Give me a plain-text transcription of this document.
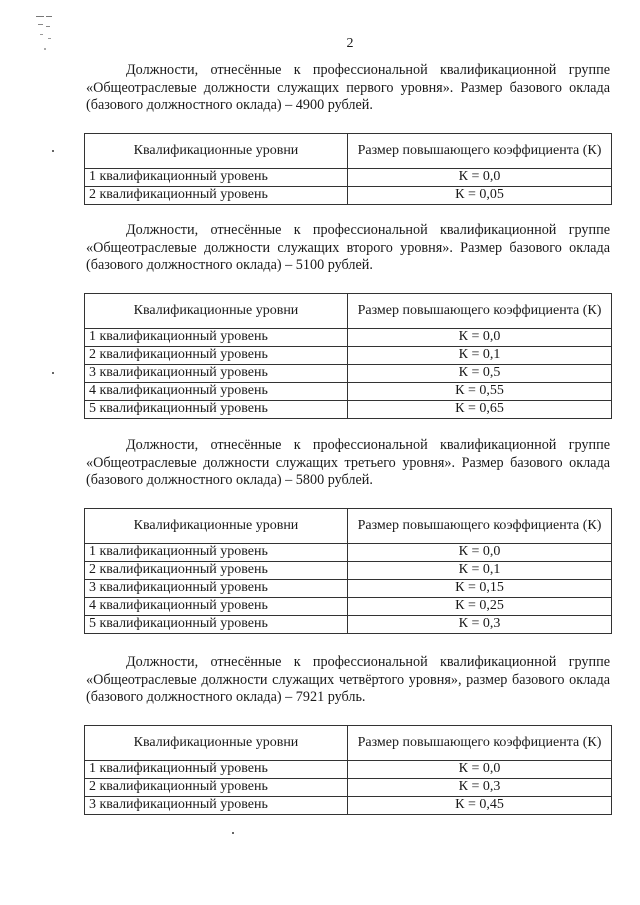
2

Должности, отнесённые к профессиональной квалификационной группе «Общеотраслевые должности служащих первого уровня». Размер базового оклада (базового должностного оклада) – 4900 рублей.

Квалификационные уровни	Размер повышающего коэффициента (К)
1 квалификационный уровень	К = 0,0
2 квалификационный уровень	К = 0,05

Должности, отнесённые к профессиональной квалификационной группе «Общеотраслевые должности служащих второго уровня». Размер базового оклада (базового должностного оклада) – 5100 рублей.

Квалификационные уровни	Размер повышающего коэффициента (К)
1 квалификационный уровень	К = 0,0
2 квалификационный уровень	К = 0,1
3 квалификационный уровень	К = 0,5
4 квалификационный уровень	К = 0,55
5 квалификационный уровень	К = 0,65

Должности, отнесённые к профессиональной квалификационной группе «Общеотраслевые должности служащих третьего уровня». Размер базового оклада (базового должностного оклада) – 5800 рублей.

Квалификационные уровни	Размер повышающего коэффициента (К)
1 квалификационный уровень	К = 0,0
2 квалификационный уровень	К = 0,1
3 квалификационный уровень	К = 0,15
4 квалификационный уровень	К = 0,25
5 квалификационный уровень	К = 0,3

Должности, отнесённые к профессиональной квалификационной группе «Общеотраслевые должности служащих четвёртого уровня», размер базового оклада (базового должностного оклада) – 7921 рубль.

Квалификационные уровни	Размер повышающего коэффициента (К)
1 квалификационный уровень	К = 0,0
2 квалификационный уровень	К = 0,3
3 квалификационный уровень	К = 0,45
